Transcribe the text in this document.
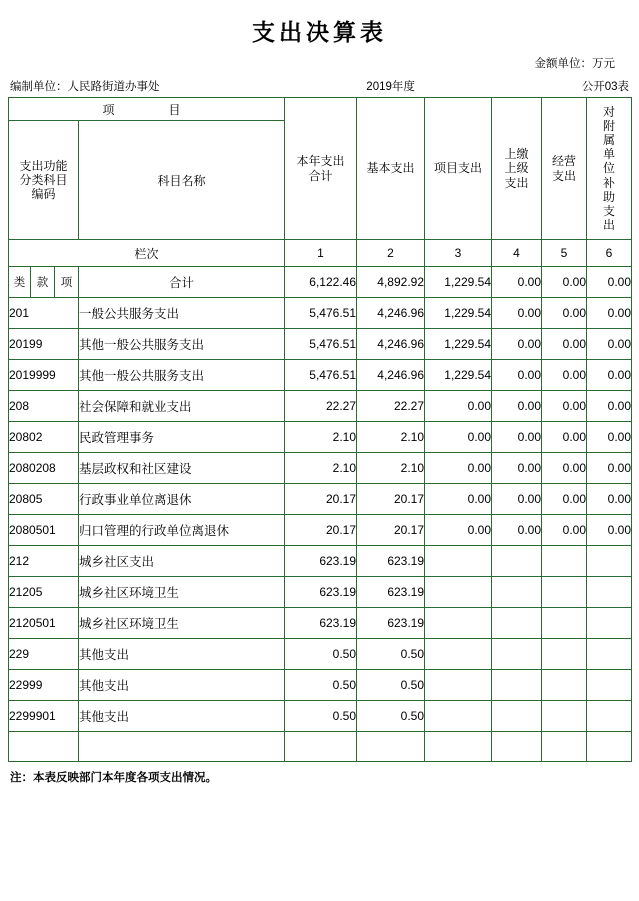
支出决算表
金额单位：万元
编制单位：人民路街道办事处	2019年度	公开03表
项　　目				本年支出合计	基本支出	项目支出	上缴上级支出	经营支出	对附属单位补助支出
支出功能分类科目编码			科目名称						
栏次				1	2	3	4	5	6
类	款	项	合计	6,122.46	4,892.92	1,229.54	0.00	0.00	0.00
201			一般公共服务支出	5,476.51	4,246.96	1,229.54	0.00	0.00	0.00
20199			其他一般公共服务支出	5,476.51	4,246.96	1,229.54	0.00	0.00	0.00
2019999			其他一般公共服务支出	5,476.51	4,246.96	1,229.54	0.00	0.00	0.00
208			社会保障和就业支出	22.27	22.27	0.00	0.00	0.00	0.00
20802			民政管理事务	2.10	2.10	0.00	0.00	0.00	0.00
2080208			基层政权和社区建设	2.10	2.10	0.00	0.00	0.00	0.00
20805			行政事业单位离退休	20.17	20.17	0.00	0.00	0.00	0.00
2080501			归口管理的行政单位离退休	20.17	20.17	0.00	0.00	0.00	0.00
212			城乡社区支出	623.19	623.19				
21205			城乡社区环境卫生	623.19	623.19				
2120501			城乡社区环境卫生	623.19	623.19				
229			其他支出	0.50	0.50				
22999			其他支出	0.50	0.50				
2299901			其他支出	0.50	0.50				

注：本表反映部门本年度各项支出情况。
